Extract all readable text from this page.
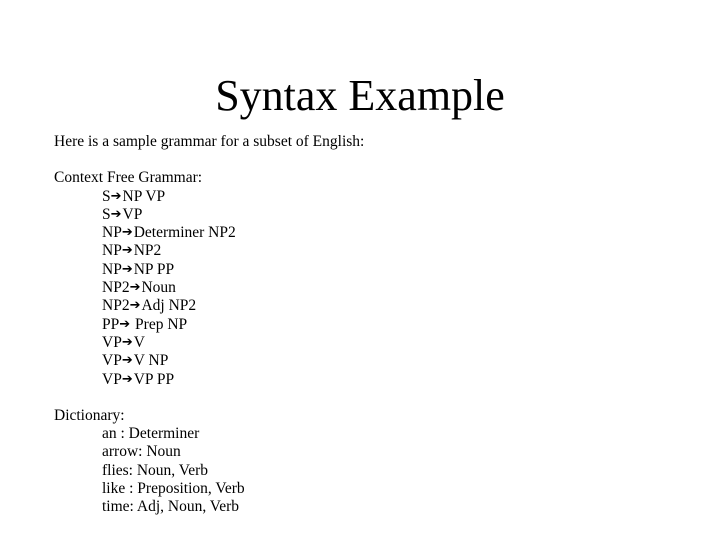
Syntax Example
Here is a sample grammar for a subset of English:
Context Free Grammar:
S➔NP VP
S➔VP
NP➔Determiner NP2
NP➔NP2
NP➔NP PP
NP2➔Noun
NP2➔Adj NP2
PP➔ Prep NP
VP➔V
VP➔V NP
VP➔VP PP
Dictionary:
an : Determiner
arrow: Noun
flies: Noun, Verb
like : Preposition, Verb
time: Adj, Noun, Verb
